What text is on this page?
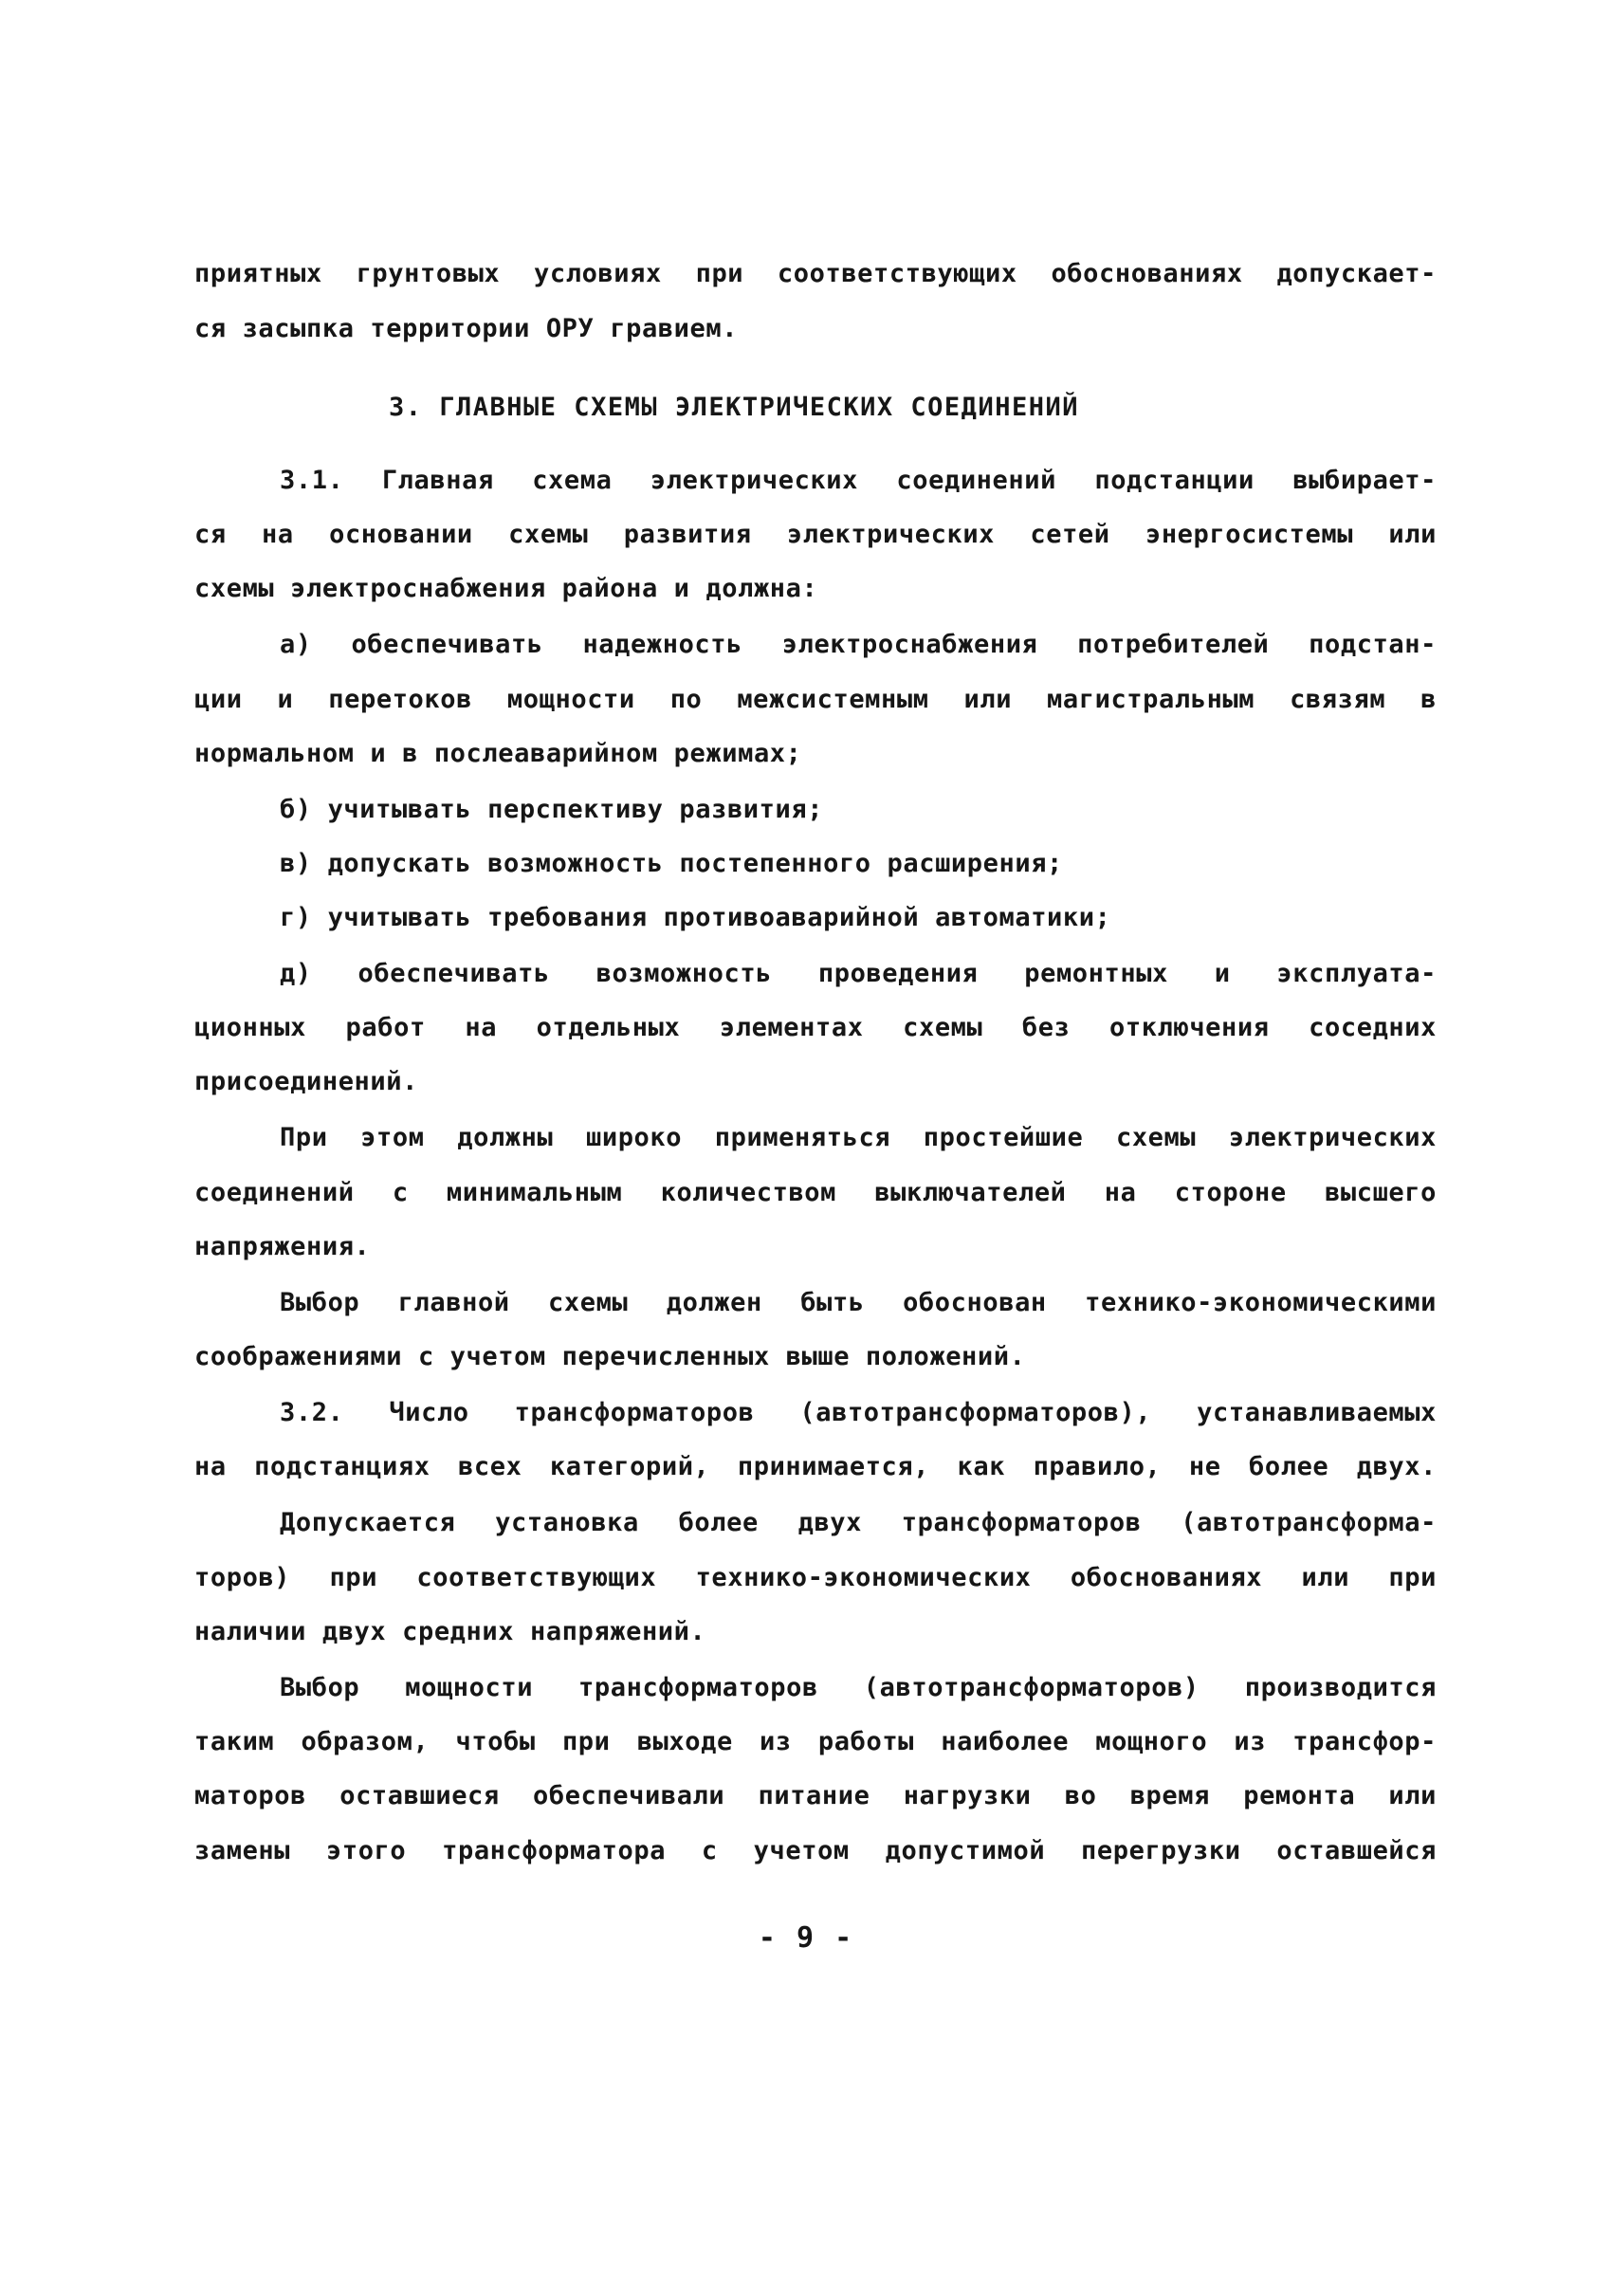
3. ГЛАВНЫЕ СХЕМЫ ЭЛЕКТРИЧЕСКИХ СОЕДИНЕНИЙ
приятных грунтовых условиях при соответствующих обоснованиях допускает-
ся засыпка территории ОРУ гравием.
3.1. Главная схема электрических соединений подстанции выбирает-
ся на основании схемы развития электрических сетей энергосистемы или
схемы электроснабжения района и должна:
а) обеспечивать надежность электроснабжения потребителей подстан-
ции и перетоков мощности по межсистемным или магистральным связям в
нормальном и в послеаварийном режимах;
б) учитывать перспективу развития;
в) допускать возможность постепенного расширения;
г) учитывать требования противоаварийной автоматики;
д) обеспечивать возможность проведения ремонтных и эксплуата-
ционных работ на отдельных элементах схемы без отключения соседних
присоединений.
При этом должны широко применяться простейшие схемы электрических
соединений с минимальным количеством выключателей на стороне высшего
напряжения.
Выбор главной схемы должен быть обоснован технико-экономическими
соображениями с учетом перечисленных выше положений.
3.2. Число трансформаторов (автотрансформаторов), устанавливаемых
на подстанциях всех категорий, принимается, как правило, не более двух.
Допускается установка более двух трансформаторов (автотрансформа-
торов) при соответствующих технико-экономических обоснованиях или при
наличии двух средних напряжений.
Выбор мощности трансформаторов (автотрансформаторов) производится
таким образом, чтобы при выходе из работы наиболее мощного из трансфор-
маторов оставшиеся обеспечивали питание нагрузки во время ремонта или
замены этого трансформатора с учетом допустимой перегрузки оставшейся
- 9 -
